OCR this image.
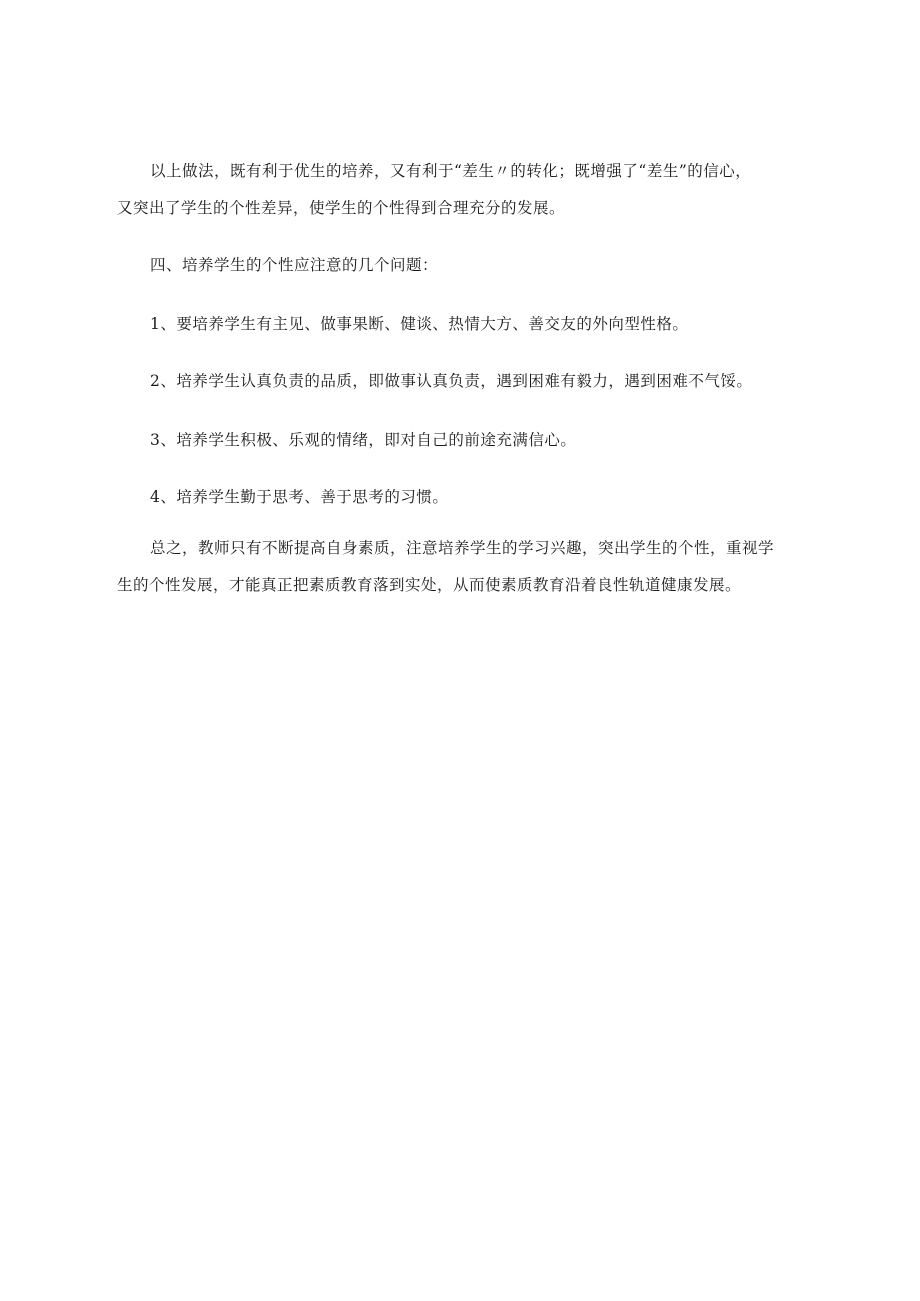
以上做法，既有利于优生的培养，又有利于“差生〃的转化；既增强了“差生”的信心，
又突出了学生的个性差异，使学生的个性得到合理充分的发展。
四、培养学生的个性应注意的几个问题：
1、要培养学生有主见、做事果断、健谈、热情大方、善交友的外向型性格。
2、培养学生认真负责的品质，即做事认真负责，遇到困难有毅力，遇到困难不气馁。
3、培养学生积极、乐观的情绪，即对自己的前途充满信心。
4、培养学生勤于思考、善于思考的习惯。
总之，教师只有不断提高自身素质，注意培养学生的学习兴趣，突出学生的个性，重视学
生的个性发展，才能真正把素质教育落到实处，从而使素质教育沿着良性轨道健康发展。
